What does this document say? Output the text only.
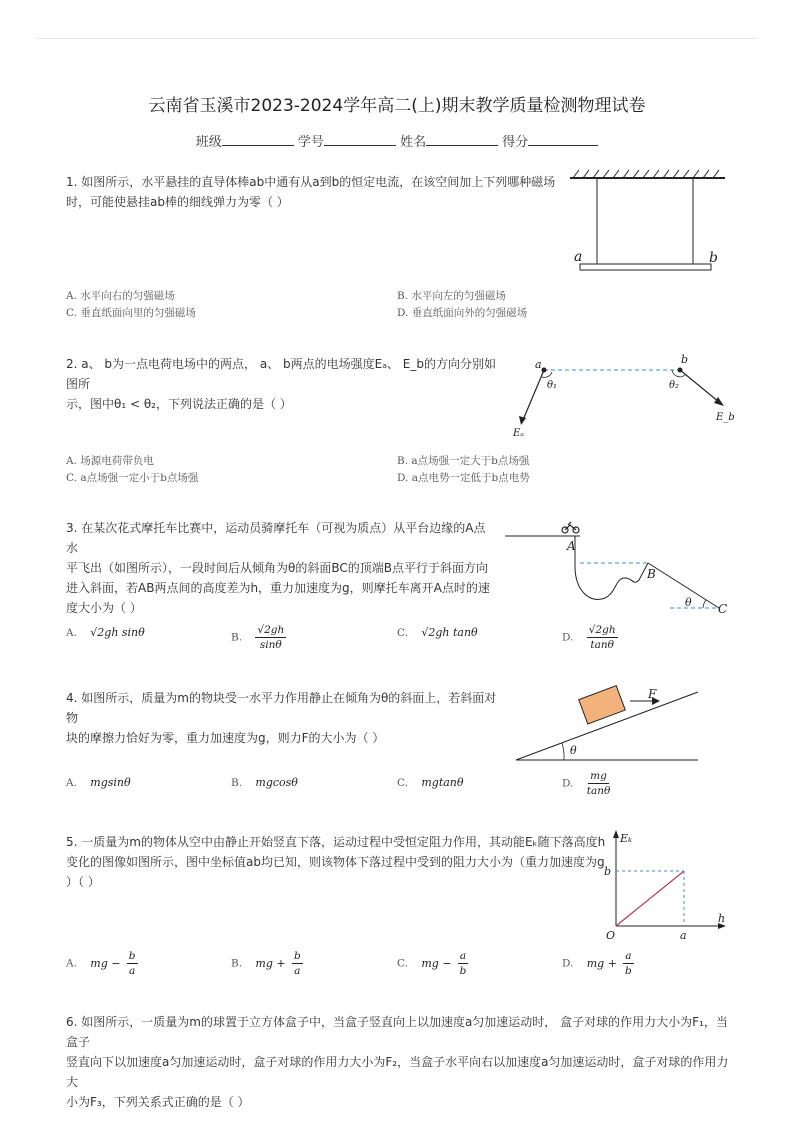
云南省玉溪市2023-2024学年高二(上)期末教学质量检测物理试卷
班级	学号	姓名	得分
1. 如图所示，水平悬挂的直导体棒ab中通有从a到b的恒定电流，在该空间加上下列哪种磁场
时，可能使悬挂ab棒的细线弹力为零（ ）
a	b
A. 水平向右的匀强磁场	B. 水平向左的匀强磁场
C. 垂直纸面向里的匀强磁场	D. 垂直纸面向外的匀强磁场
2. a、 b为一点电荷电场中的两点， a、 b两点的电场强度Eₐ、 E_b的方向分别如图所
示，图中θ₁ < θ₂，下列说法正确的是（ ）
a	b
θ₁	θ₂
Eₐ
E_b
A. 场源电荷带负电	B. a点场强一定大于b点场强
C. a点场强一定小于b点场强	D. a点电势一定低于b点电势
3. 在某次花式摩托车比赛中，运动员骑摩托车（可视为质点）从平台边缘的A点水
平飞出（如图所示），一段时间后从倾角为θ的斜面BC的顶端B点平行于斜面方向
进入斜面，若AB两点间的高度差为h，重力加速度为g，则摩托车离开A点时的速
度大小为（ ）
A
B
C
θ
A. √2gh sinθ	B. $\frac{√2gh}{\sin\theta}$	C. √2gh tanθ	D. $\frac{√2gh}{\tan\theta}$
4. 如图所示，质量为m的物块受一水平力作用静止在倾角为θ的斜面上，若斜面对物
块的摩擦力恰好为零，重力加速度为g，则力F的大小为（ ）
F
θ
A. mgsinθ	B. mgcosθ	C. mgtanθ	D. $\frac{mg}{\tan\theta}$
5. 一质量为m的物体从空中由静止开始竖直下落，运动过程中受恒定阻力作用，其动能Eₖ随下落高度h
变化的图像如图所示，图中坐标值ab均已知，则该物体下落过程中受到的阻力大小为（重力加速度为g
）（ ）
Eₖ
h
O	a
b
A. mg − $\frac{b}{a}$	B. mg + $\frac{b}{a}$	C. mg − $\frac{a}{b}$	D. mg + $\frac{a}{b}$
6. 如图所示，一质量为m的球置于立方体盒子中，当盒子竖直向上以加速度a匀加速运动时， 盒子对球的作用力大小为F₁，当盒子
竖直向下以加速度a匀加速运动时，盒子对球的作用力大小为F₂，当盒子水平向右以加速度a匀加速运动时，盒子对球的作用力大
小为F₃，下列关系式正确的是（ ）
